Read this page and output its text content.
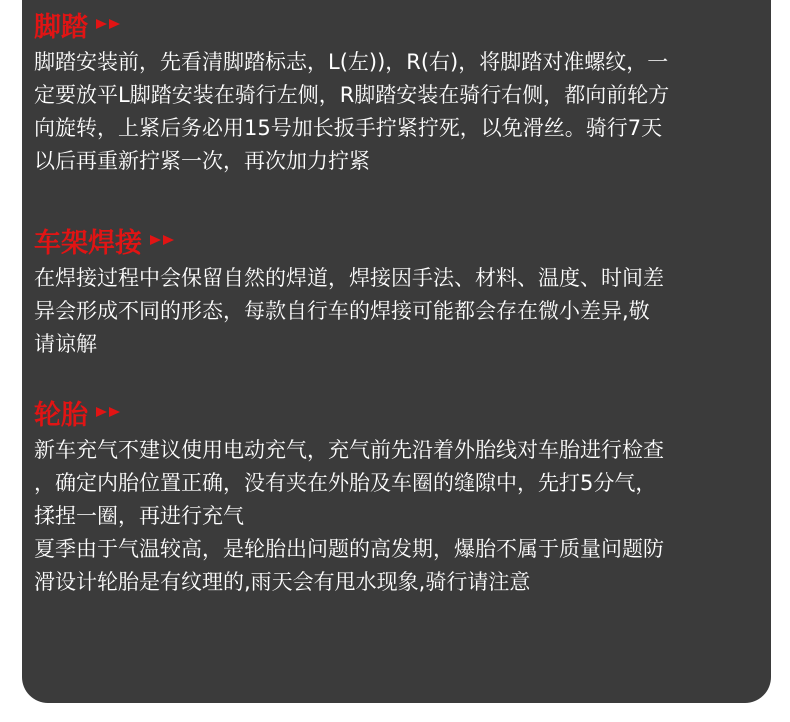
脚踏
脚踏安装前，先看清脚踏标志，L(左))，R(右)，将脚踏对准螺纹，一
定要放平L脚踏安装在骑行左侧，R脚踏安装在骑行右侧，都向前轮方
向旋转，上紧后务必用15号加长扳手拧紧拧死，以免滑丝。骑行7天
以后再重新拧紧一次，再次加力拧紧
车架焊接
在焊接过程中会保留自然的焊道，焊接因手法、材料、温度、时间差
异会形成不同的形态，每款自行车的焊接可能都会存在微小差异,敬
请谅解
轮胎
新车充气不建议使用电动充气，充气前先沿着外胎线对车胎进行检查
，确定内胎位置正确，没有夹在外胎及车圈的缝隙中，先打5分气，
揉捏一圈，再进行充气
夏季由于气温较高，是轮胎出问题的高发期，爆胎不属于质量问题防
滑设计轮胎是有纹理的,雨天会有甩水现象,骑行请注意
